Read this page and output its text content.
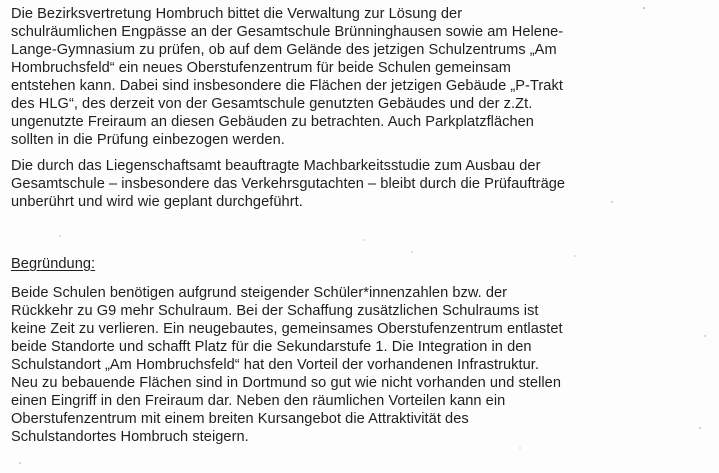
Die Bezirksvertretung Hombruch bittet die Verwaltung zur Lösung der
schulräumlichen Engpässe an der Gesamtschule Brünninghausen sowie am Helene-
Lange-Gymnasium zu prüfen, ob auf dem Gelände des jetzigen Schulzentrums „Am
Hombruchsfeld“ ein neues Oberstufenzentrum für beide Schulen gemeinsam
entstehen kann. Dabei sind insbesondere die Flächen der jetzigen Gebäude „P-Trakt
des HLG“, des derzeit von der Gesamtschule genutzten Gebäudes und der z.Zt.
ungenutzte Freiraum an diesen Gebäuden zu betrachten. Auch Parkplatzflächen
sollten in die Prüfung einbezogen werden.
Die durch das Liegenschaftsamt beauftragte Machbarkeitsstudie zum Ausbau der
Gesamtschule – insbesondere das Verkehrsgutachten – bleibt durch die Prüfaufträge
unberührt und wird wie geplant durchgeführt.
Begründung:
Beide Schulen benötigen aufgrund steigender Schüler*innenzahlen bzw. der
Rückkehr zu G9 mehr Schulraum. Bei der Schaffung zusätzlichen Schulraums ist
keine Zeit zu verlieren. Ein neugebautes, gemeinsames Oberstufenzentrum entlastet
beide Standorte und schafft Platz für die Sekundarstufe 1. Die Integration in den
Schulstandort „Am Hombruchsfeld“ hat den Vorteil der vorhandenen Infrastruktur.
Neu zu bebauende Flächen sind in Dortmund so gut wie nicht vorhanden und stellen
einen Eingriff in den Freiraum dar. Neben den räumlichen Vorteilen kann ein
Oberstufenzentrum mit einem breiten Kursangebot die Attraktivität des
Schulstandortes Hombruch steigern.
